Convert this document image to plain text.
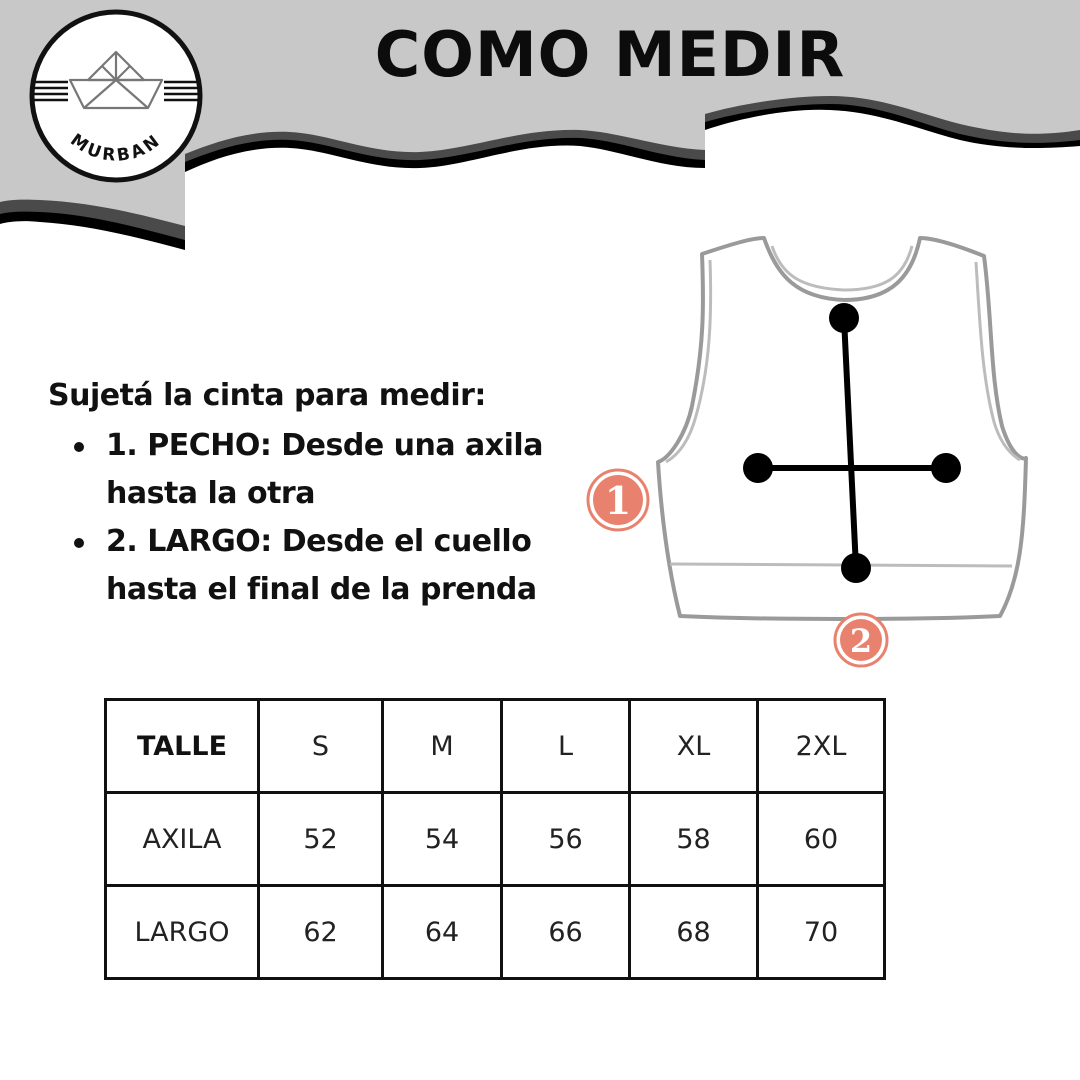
MURBAN
COMO MEDIR

Sujetá la cinta para medir:

1. PECHO: Desde una axila
hasta la otra
2. LARGO: Desde el cuello
hasta el final de la prenda
1
2
TALLE	S	M	L	XL	2XL
AXILA	52	54	56	58	60
LARGO	62	64	66	68	70
